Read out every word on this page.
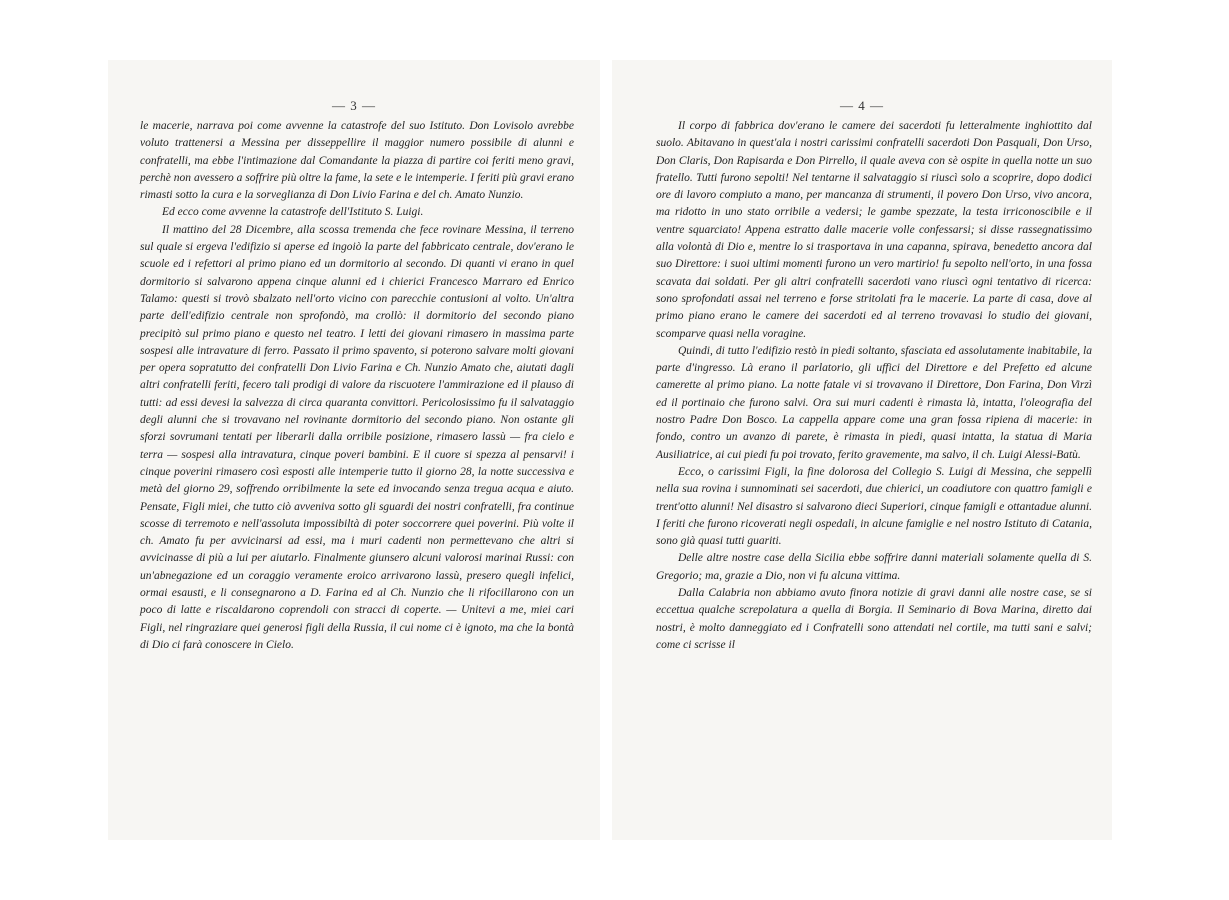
— 3 —

le macerie, narrava poi come avvenne la catastrofe del suo Istituto. Don Lovisolo avrebbe voluto trattenersi a Messina per disseppellire il maggior numero possibile di alunni e confratelli, ma ebbe l'intimazione dal Comandante la piazza di partire coi feriti meno gravi, perchè non avessero a soffrire più oltre la fame, la sete e le intemperie. I feriti più gravi erano rimasti sotto la cura e la sorveglianza di Don Livio Farina e del ch. Amato Nunzio.

Ed ecco come avvenne la catastrofe dell'Istituto S. Luigi.

Il mattino del 28 Dicembre, alla scossa tremenda che fece rovinare Messina, il terreno sul quale si ergeva l'edifizio si aperse ed ingoiò la parte del fabbricato centrale, dov'erano le scuole ed i refettori al primo piano ed un dormitorio al secondo. Di quanti vi erano in quel dormitorio si salvarono appena cinque alunni ed i chierici Francesco Marraro ed Enrico Talamo: questi si trovò sbalzato nell'orto vicino con parecchie contusioni al volto. Un'altra parte dell'edifizio centrale non sprofondò, ma crollò: il dormitorio del secondo piano precipitò sul primo piano e questo nel teatro. I letti dei giovani rimasero in massima parte sospesi alle intravature di ferro. Passato il primo spavento, si poterono salvare molti giovani per opera sopratutto dei confratelli Don Livio Farina e Ch. Nunzio Amato che, aiutati dagli altri confratelli feriti, fecero tali prodigi di valore da riscuotere l'ammirazione ed il plauso di tutti: ad essi devesi la salvezza di circa quaranta convittori. Pericolosissimo fu il salvataggio degli alunni che si trovavano nel rovinante dormitorio del secondo piano. Non ostante gli sforzi sovrumani tentati per liberarli dalla orribile posizione, rimasero lassù — fra cielo e terra — sospesi alla intravatura, cinque poveri bambini. E il cuore si spezza al pensarvi! i cinque poverini rimasero così esposti alle intemperie tutto il giorno 28, la notte successiva e metà del giorno 29, soffrendo orribilmente la sete ed invocando senza tregua acqua e aiuto. Pensate, Figli miei, che tutto ciò avveniva sotto gli sguardi dei nostri confratelli, fra continue scosse di terremoto e nell'assoluta impossibiltà di poter soccorrere quei poverini. Più volte il ch. Amato fu per avvicinarsi ad essi, ma i muri cadenti non permettevano che altri si avvicinasse di più a lui per aiutarlo. Finalmente giunsero alcuni valorosi marinai Russi: con un'abnegazione ed un coraggio veramente eroico arrivarono lassù, presero quegli infelici, ormai esausti, e li consegnarono a D. Farina ed al Ch. Nunzio che li rifocillarono con un poco di latte e riscaldarono coprendoli con stracci di coperte. — Unitevi a me, miei cari Figli, nel ringraziare quei generosi figli della Russia, il cui nome ci è ignoto, ma che la bontà di Dio ci farà conoscere in Cielo.

— 4 —

Il corpo di fabbrica dov'erano le camere dei sacerdoti fu letteralmente inghiottito dal suolo. Abitavano in quest'ala i nostri carissimi confratelli sacerdoti Don Pasquali, Don Urso, Don Claris, Don Rapisarda e Don Pirrello, il quale aveva con sè ospite in quella notte un suo fratello. Tutti furono sepolti! Nel tentarne il salvataggio si riuscì solo a scoprire, dopo dodici ore di lavoro compiuto a mano, per mancanza di strumenti, il povero Don Urso, vivo ancora, ma ridotto in uno stato orribile a vedersi; le gambe spezzate, la testa irriconoscibile e il ventre squarciato! Appena estratto dalle macerie volle confessarsi; si disse rassegnatissimo alla volontà di Dio e, mentre lo si trasportava in una capanna, spirava, benedetto ancora dal suo Direttore: i suoi ultimi momenti furono un vero martirio! fu sepolto nell'orto, in una fossa scavata dai soldati. Per gli altri confratelli sacerdoti vano riuscì ogni tentativo di ricerca: sono sprofondati assai nel terreno e forse stritolati fra le macerie. La parte di casa, dove al primo piano erano le camere dei sacerdoti ed al terreno trovavasi lo studio dei giovani, scomparve quasi nella voragine.

Quindi, di tutto l'edifizio restò in piedi soltanto, sfasciata ed assolutamente inabitabile, la parte d'ingresso. Là erano il parlatorio, gli uffici del Direttore e del Prefetto ed alcune camerette al primo piano. La notte fatale vi si trovavano il Direttore, Don Farina, Don Virzì ed il portinaio che furono salvi. Ora sui muri cadenti è rimasta là, intatta, l'oleografia del nostro Padre Don Bosco. La cappella appare come una gran fossa ripiena di macerie: in fondo, contro un avanzo di parete, è rimasta in piedi, quasi intatta, la statua di Maria Ausiliatrice, ai cui piedi fu poi trovato, ferito gravemente, ma salvo, il ch. Luigi Alessi-Batù.

Ecco, o carissimi Figli, la fine dolorosa del Collegio S. Luigi di Messina, che seppellì nella sua rovina i sunnominati sei sacerdoti, due chierici, un coadiutore con quattro famigli e trent'otto alunni! Nel disastro si salvarono dieci Superiori, cinque famigli e ottantadue alunni. I feriti che furono ricoverati negli ospedali, in alcune famiglie e nel nostro Istituto di Catania, sono già quasi tutti guariti.

Delle altre nostre case della Sicilia ebbe soffrire danni materiali solamente quella di S. Gregorio; ma, grazie a Dio, non vi fu alcuna vittima.

Dalla Calabria non abbiamo avuto finora notizie di gravi danni alle nostre case, se si eccettua qualche screpolatura a quella di Borgia. Il Seminario di Bova Marina, diretto dai nostri, è molto danneggiato ed i Confratelli sono attendati nel cortile, ma tutti sani e salvi; come ci scrisse il
